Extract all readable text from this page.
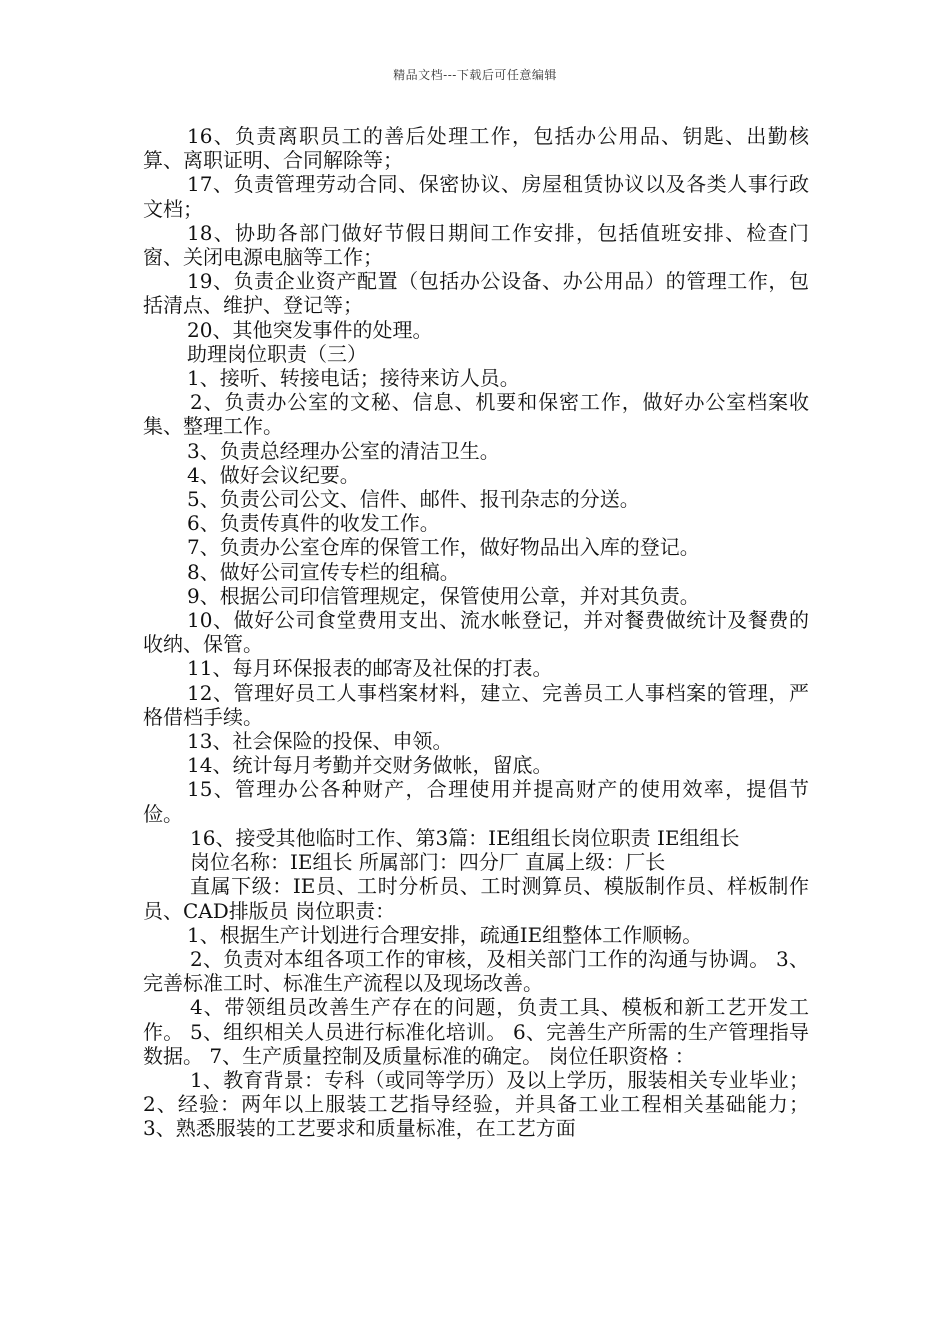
精品文档---下载后可任意编辑

16、负责离职员工的善后处理工作，包括办公用品、钥匙、出勤核算、离职证明、合同解除等；

17、负责管理劳动合同、保密协议、房屋租赁协议以及各类人事行政文档；

18、协助各部门做好节假日期间工作安排，包括值班安排、检查门窗、关闭电源电脑等工作；

19、负责企业资产配置（包括办公设备、办公用品）的管理工作，包括清点、维护、登记等；

20、其他突发事件的处理。

助理岗位职责（三）

1、接听、转接电话；接待来访人员。

2、负责办公室的文秘、信息、机要和保密工作，做好办公室档案收集、整理工作。

3、负责总经理办公室的清洁卫生。

4、做好会议纪要。

5、负责公司公文、信件、邮件、报刊杂志的分送。

6、负责传真件的收发工作。

7、负责办公室仓库的保管工作，做好物品出入库的登记。

8、做好公司宣传专栏的组稿。

9、根据公司印信管理规定，保管使用公章，并对其负责。

10、做好公司食堂费用支出、流水帐登记，并对餐费做统计及餐费的收纳、保管。

11、每月环保报表的邮寄及社保的打表。

12、管理好员工人事档案材料，建立、完善员工人事档案的管理，严格借档手续。

13、社会保险的投保、申领。

14、统计每月考勤并交财务做帐，留底。

15、管理办公各种财产，合理使用并提高财产的使用效率，提倡节俭。

16、接受其他临时工作、第3篇：IE组组长岗位职责 IE组组长

岗位名称：IE组长 所属部门：四分厂 直属上级：厂长

直属下级：IE员、工时分析员、工时测算员、模版制作员、样板制作员、CAD排版员 岗位职责：

1、根据生产计划进行合理安排，疏通IE组整体工作顺畅。

2、负责对本组各项工作的审核，及相关部门工作的沟通与协调。 3、完善标准工时、标准生产流程以及现场改善。

4、带领组员改善生产存在的问题，负责工具、模板和新工艺开发工作。 5、组织相关人员进行标准化培训。 6、完善生产所需的生产管理指导数据。 7、生产质量控制及质量标准的确定。 岗位任职资格 ：

1、教育背景：专科（或同等学历）及以上学历，服装相关专业毕业； 2、经验：两年以上服装工艺指导经验，并具备工业工程相关基础能力； 3、熟悉服装的工艺要求和质量标准，在工艺方面
